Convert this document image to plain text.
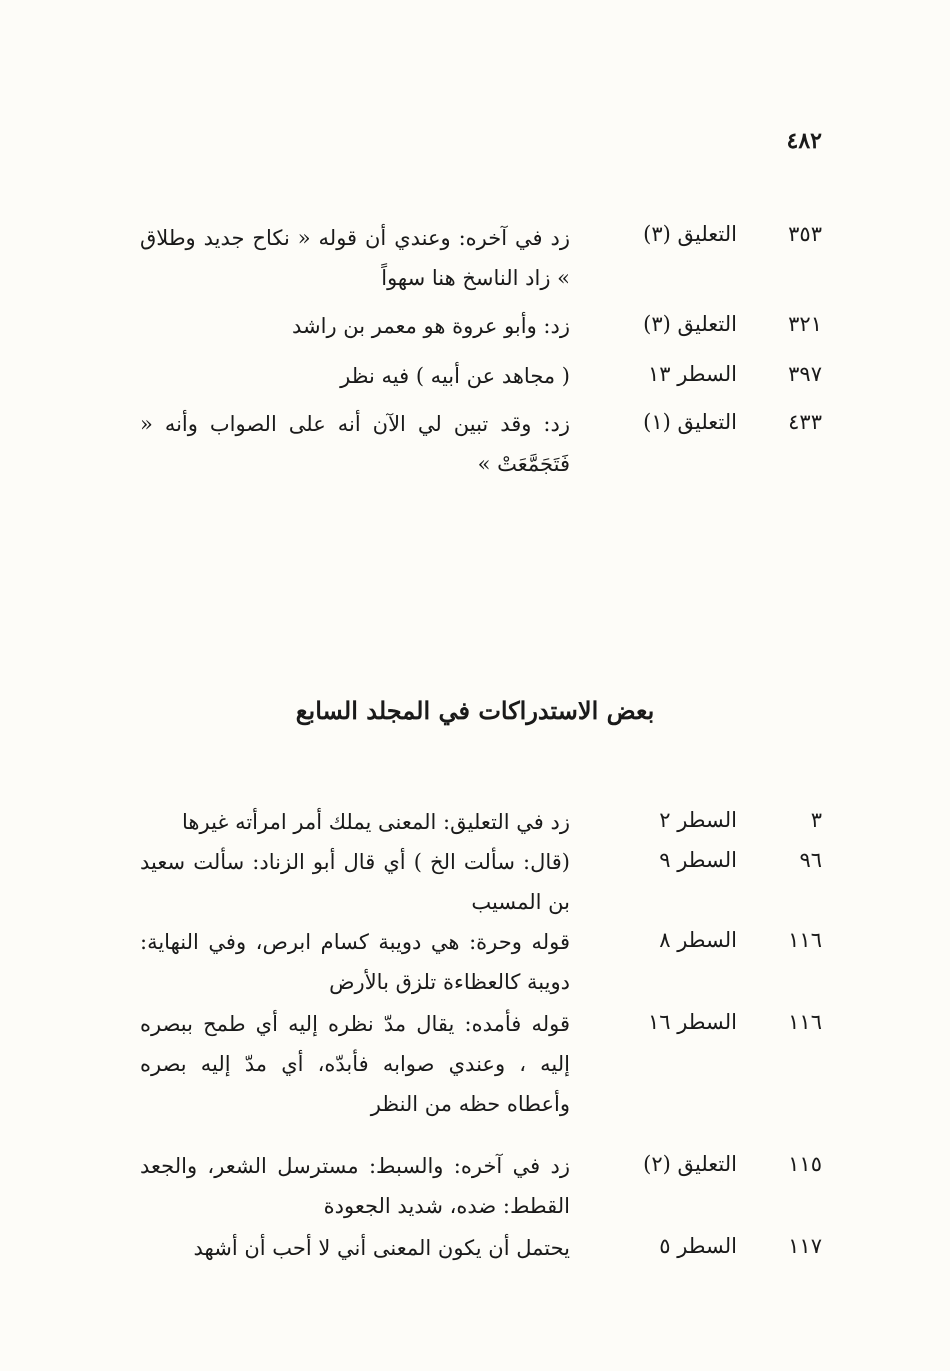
٤٨٢
٣٥٣
التعليق (٣)
زد في آخره: وعندي أن قوله « نكاح جديد وطلاق » زاد الناسخ هنا سهواً
٣٢١
التعليق (٣)
زد: وأبو عروة هو معمر بن راشد
٣٩٧
السطر ١٣
( مجاهد عن أبيه ) فيه نظر
٤٣٣
التعليق (١)
زد: وقد تبين لي الآن أنه على الصواب وأنه « فَتَجَمَّعَتْ »
بعض الاستدراكات في المجلد السابع
٣
السطر ٢
زد في التعليق: المعنى يملك أمر امرأته غيرها
٩٦
السطر ٩
(قال: سألت الخ ) أي قال أبو الزناد: سألت سعيد بن المسيب
١١٦
السطر ٨
قوله وحرة: هي دويبة كسام ابرص، وفي النهاية: دويبة كالعظاءة تلزق بالأرض
١١٦
السطر ١٦
قوله فأمده: يقال مدّ نظره إليه أي طمح ببصره إليه ، وعندي صوابه فأبدّه، أي مدّ إليه بصره وأعطاه حظه من النظر
١١٥
التعليق (٢)
زد في آخره: والسبط: مسترسل الشعر، والجعد القطط: ضده، شديد الجعودة
١١٧
السطر ٥
يحتمل أن يكون المعنى أني لا أحب أن أشهد
